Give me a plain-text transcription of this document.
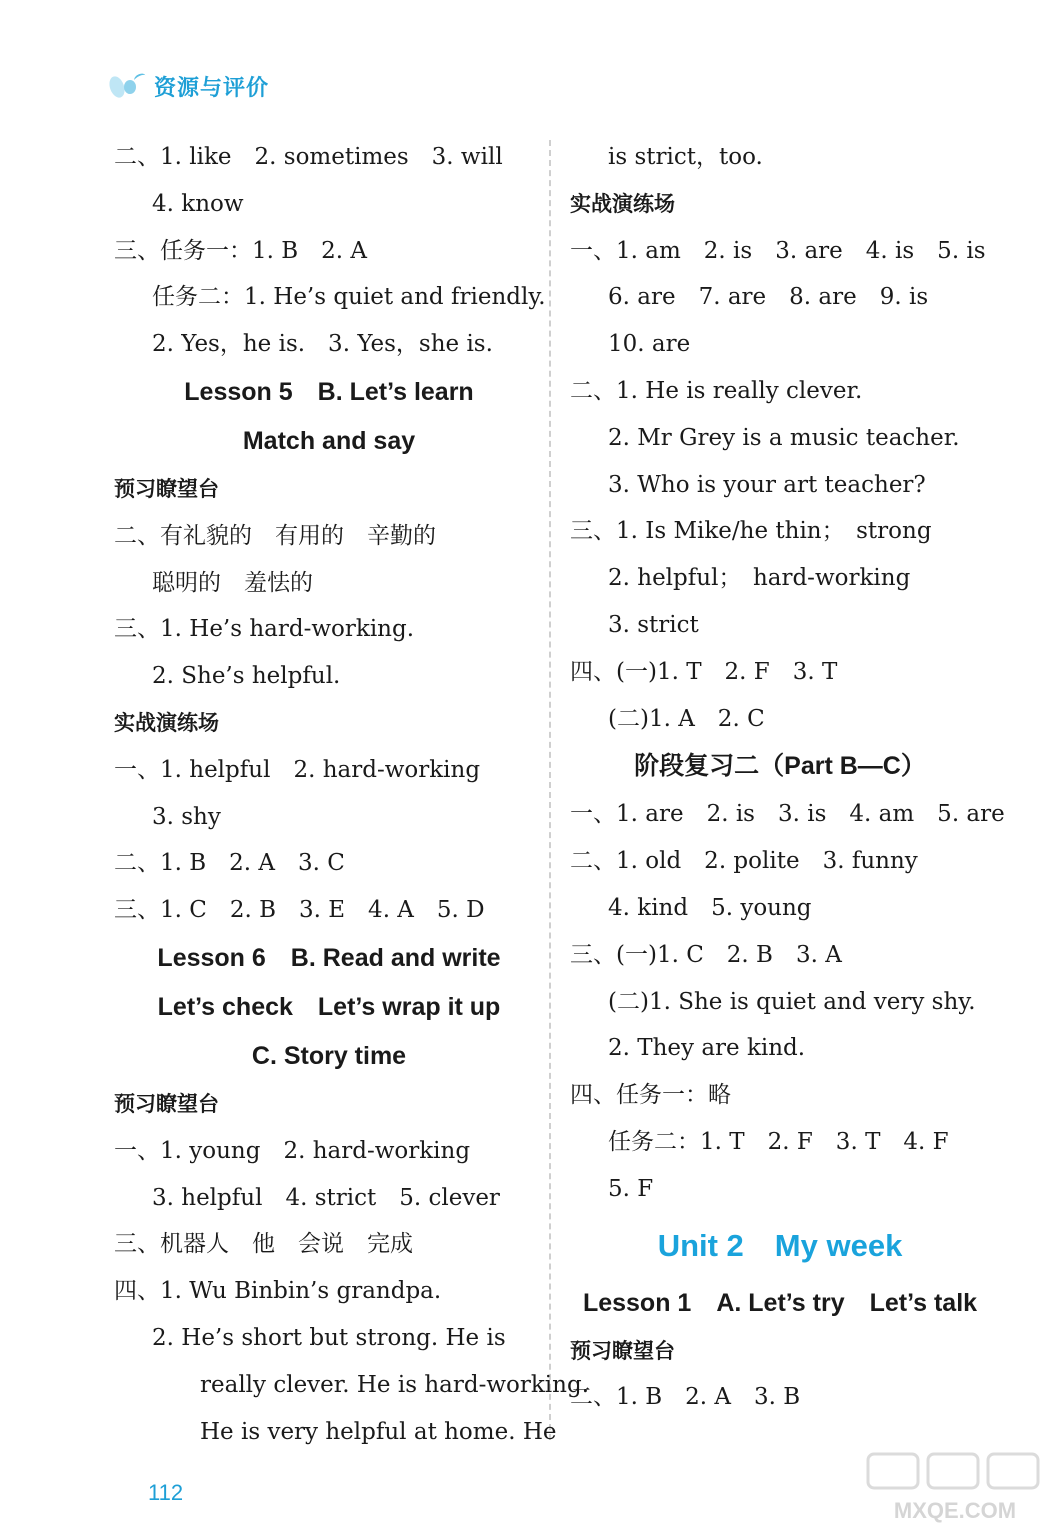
资源与评价
二、1. like　2. sometimes　3. will
4. know
三、任务一：1. B　2. A
任务二：1. He’s quiet and friendly.
2. Yes，he is.　3. Yes，she is.
Lesson 5　B. Let’s learn
Match and say
预习瞭望台
二、有礼貌的　有用的　辛勤的
聪明的　羞怯的
三、1. He’s hard-working.
2. She’s helpful.
实战演练场
一、1. helpful　2. hard-working
3. shy
二、1. B　2. A　3. C
三、1. C　2. B　3. E　4. A　5. D
Lesson 6　B. Read and write
Let’s check　Let’s wrap it up
C. Story time
预习瞭望台
一、1. young　2. hard-working
3. helpful　4. strict　5. clever
三、机器人　他　会说　完成
四、1. Wu Binbin’s grandpa.
2. He’s short but strong. He is
really clever. He is hard-working.
He is very helpful at home. He
is strict，too.
实战演练场
一、1. am　2. is　3. are　4. is　5. is
6. are　7. are　8. are　9. is
10. are
二、1. He is really clever.
2. Mr Grey is a music teacher.
3. Who is your art teacher?
三、1. Is Mike/he thin；　strong
2. helpful；　hard-working
3. strict
四、(一)1. T　2. F　3. T
(二)1. A　2. C
阶段复习二（Part B—C）
一、1. are　2. is　3. is　4. am　5. are
二、1. old　2. polite　3. funny
4. kind　5. young
三、(一)1. C　2. B　3. A
(二)1. She is quiet and very shy.
2. They are kind.
四、任务一：略
任务二：1. T　2. F　3. T　4. F
5. F
Unit 2　My week
Lesson 1　A. Let’s try　Let’s talk
预习瞭望台
二、1. B　2. A　3. B
112
MXQE.COM
